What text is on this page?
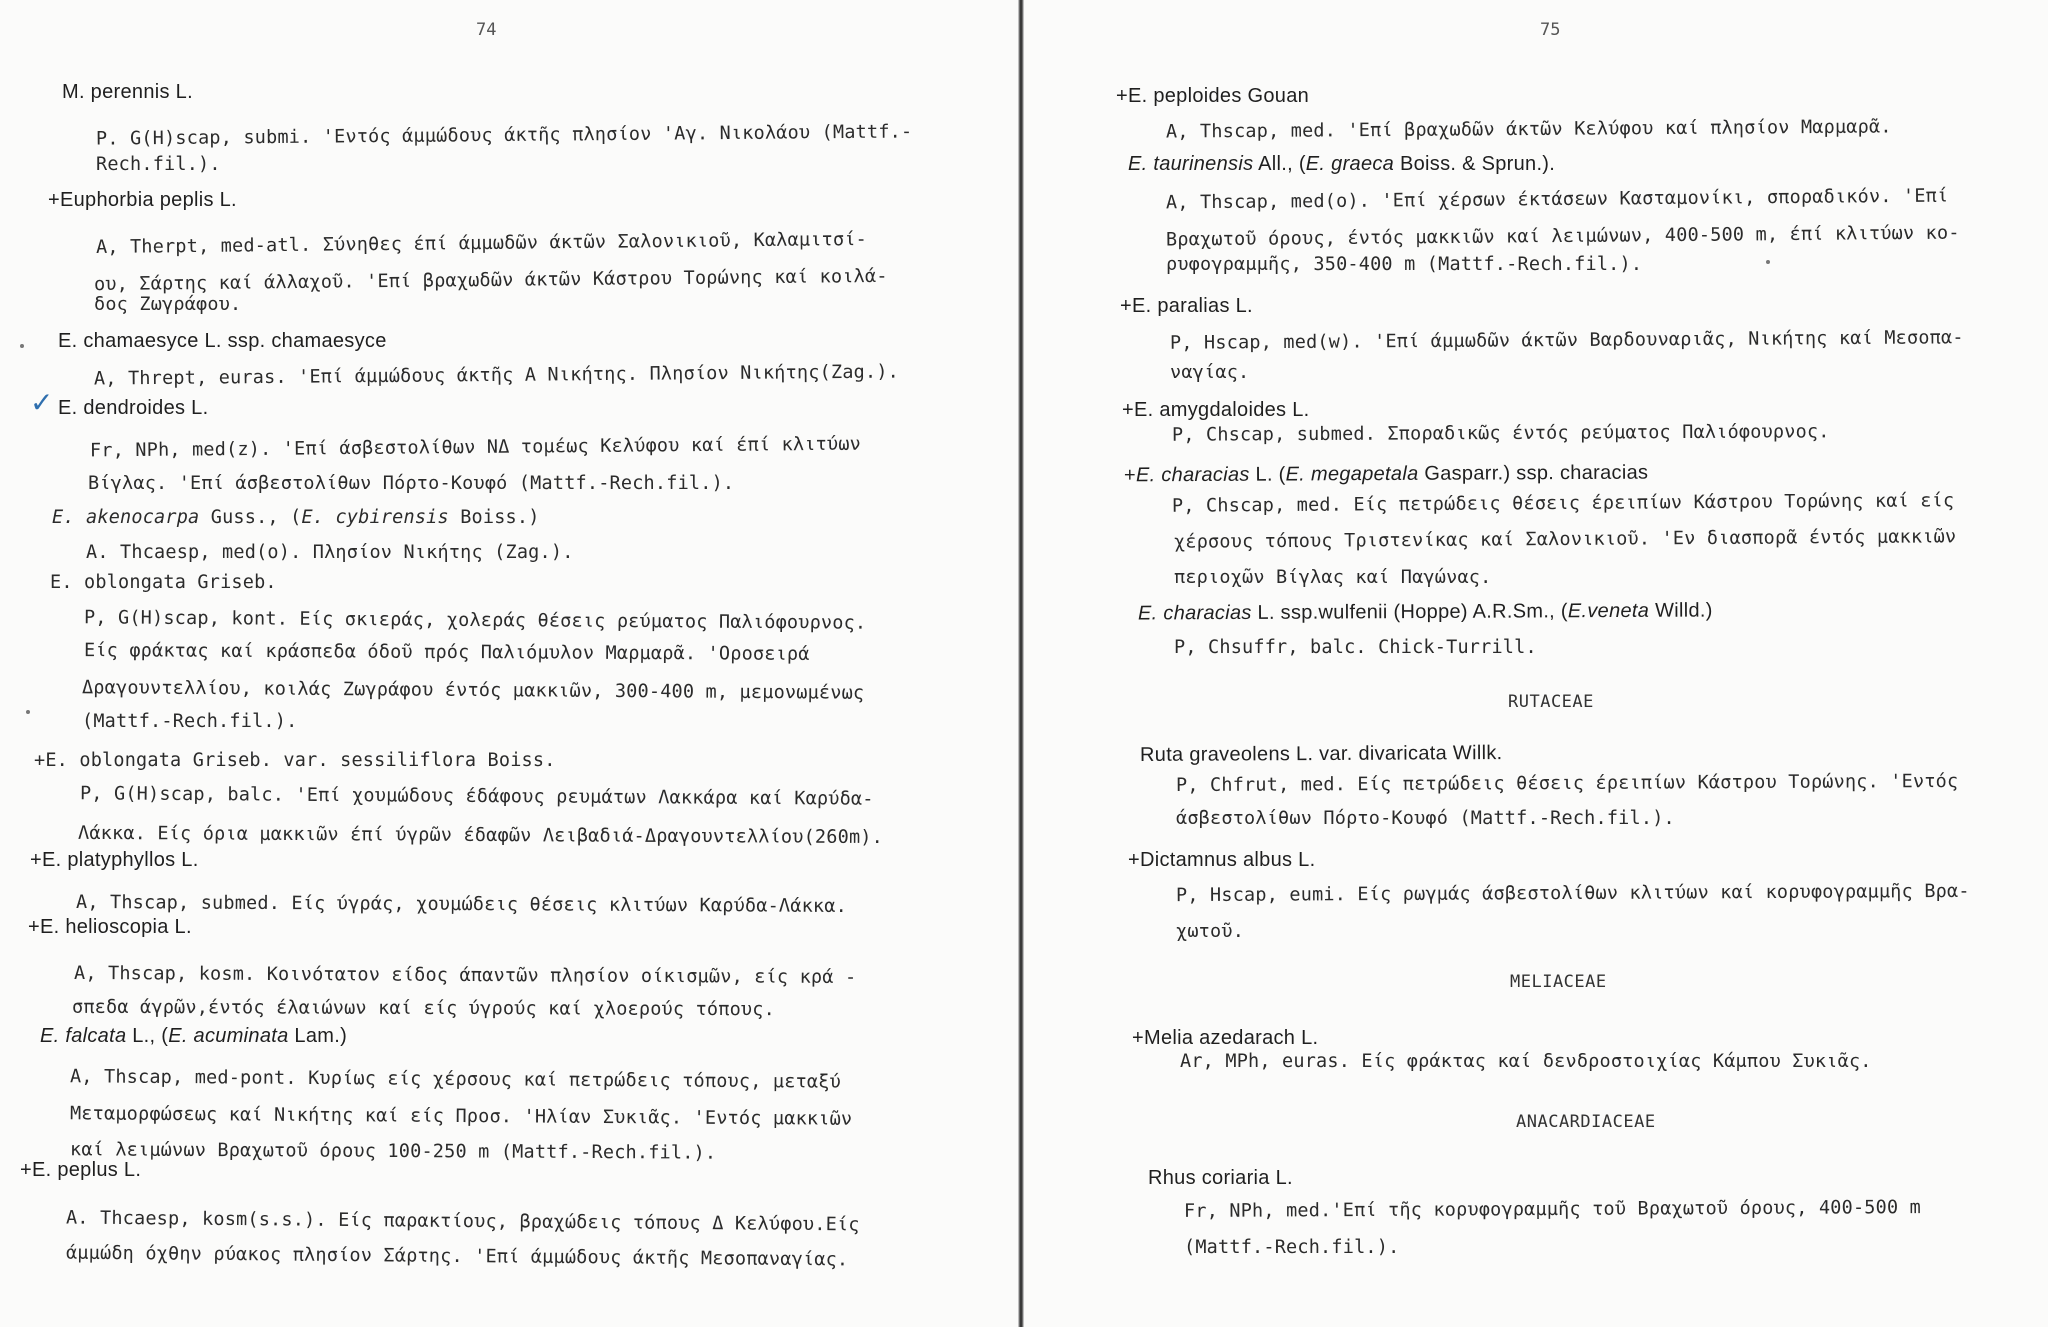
74
✓
M. perennis L.
P. G(H)scap, submi. 'Εντός άμμώδους άκτῆς πλησίον 'Αγ. Νικολάου (Mattf.-
Rech.fil.).
+Euphorbia peplis L.
A, Therpt, med-atl. Σύνηθες έπί άμμωδῶν άκτῶν Σαλονικιοῦ, Καλαμιτσί-
ου, Σάρτης καί άλλαχοῦ. 'Επί βραχωδῶν άκτῶν Κάστρου Τορώνης καί κοιλά-
δος Ζωγράφου.
E. chamaesyce L. ssp. chamaesyce
A, Thrept, euras. 'Επί άμμώδους άκτῆς Α Νικήτης. Πλησίον Νικήτης(Zag.).
E. dendroides L.
Fr, NPh, med(z). 'Επί άσβεστολίθων ΝΔ τομέως Κελύφου καί έπί κλιτύων
Βίγλας. 'Επί άσβεστολίθων Πόρτο-Κουφό (Mattf.-Rech.fil.).
E. akenocarpa Guss., (E. cybirensis Boiss.)
A. Thcaesp, med(o). Πλησίον Νικήτης (Zag.).
E. oblongata Griseb.
P, G(H)scap, kont. Είς σκιεράς, χολεράς θέσεις ρεύματος Παλιόφουρνος.
Είς φράκτας καί κράσπεδα όδοῦ πρός Παλιόμυλον Μαρμαρᾶ. 'Οροσειρά
Δραγουντελλίου, κοιλάς Ζωγράφου έντός μακκιῶν, 300-400 m, μεμονωμένως
(Mattf.-Rech.fil.).
+E. oblongata Griseb. var. sessiliflora Boiss.
P, G(H)scap, balc. 'Επί χουμώδους έδάφους ρευμάτων Λακκάρα καί Καρύδα-
Λάκκα. Είς όρια μακκιῶν έπί ύγρῶν έδαφῶν Λειβαδιά-Δραγουντελλίου(260m).
+E. platyphyllos L.
A, Thscap, submed. Είς ύγράς, χουμώδεις θέσεις κλιτύων Καρύδα-Λάκκα.
+E. helioscopia L.
A, Thscap, kosm. Κοινότατον είδος άπαντῶν πλησίον οίκισμῶν, είς κρά -
σπεδα άγρῶν,έντός έλαιώνων καί είς ύγρούς καί χλοερούς τόπους.
E. falcata L., (E. acuminata Lam.)
A, Thscap, med-pont. Κυρίως είς χέρσους καί πετρώδεις τόπους, μεταξύ
Μεταμορφώσεως καί Νικήτης καί είς Προσ. 'Ηλίαν Συκιᾶς. 'Εντός μακκιῶν
καί λειμώνων Βραχωτοῦ όρους 100-250 m (Mattf.-Rech.fil.).
+E. peplus L.
A. Thcaesp, kosm(s.s.). Είς παρακτίους, βραχώδεις τόπους Δ Κελύφου.Είς
άμμώδη όχθην ρύακος πλησίον Σάρτης. 'Επί άμμώδους άκτῆς Μεσοπαναγίας.
75
+E. peploides Gouan
A, Thscap, med. 'Επί βραχωδῶν άκτῶν Κελύφου καί πλησίον Μαρμαρᾶ.
E. taurinensis All., (E. graeca Boiss. & Sprun.).
A, Thscap, med(o). 'Επί χέρσων έκτάσεων Κασταμονίκι, σποραδικόν. 'Επί
Βραχωτοῦ όρους, έντός μακκιῶν καί λειμώνων, 400-500 m, έπί κλιτύων κο-
ρυφογραμμῆς, 350-400 m (Mattf.-Rech.fil.).
+E. paralias L.
P, Hscap, med(w). 'Επί άμμωδῶν άκτῶν Βαρδουναριᾶς, Νικήτης καί Μεσοπα-
ναγίας.
+E. amygdaloides L.
P, Chscap, submed. Σποραδικῶς έντός ρεύματος Παλιόφουρνος.
+E. characias L. (E. megapetala Gasparr.) ssp. characias
P, Chscap, med. Είς πετρώδεις θέσεις έρειπίων Κάστρου Τορώνης καί είς
χέρσους τόπους Τριστενίκας καί Σαλονικιοῦ. 'Εν διασπορᾶ έντός μακκιῶν
περιοχῶν Βίγλας καί Παγώνας.
E. characias L. ssp.wulfenii (Hoppe) A.R.Sm., (E.veneta Willd.)
P, Chsuffr, balc. Chick-Turrill.
RUTACEAE
Ruta graveolens L. var. divaricata Willk.
P, Chfrut, med. Είς πετρώδεις θέσεις έρειπίων Κάστρου Τορώνης. 'Εντός
άσβεστολίθων Πόρτο-Κουφό (Mattf.-Rech.fil.).
+Dictamnus albus L.
P, Hscap, eumi. Είς ρωγμάς άσβεστολίθων κλιτύων καί κορυφογραμμῆς Βρα-
χωτοῦ.
MELIACEAE
+Melia azedarach L.
Ar, MPh, euras. Είς φράκτας καί δενδροστοιχίας Κάμπου Συκιᾶς.
ANACARDIACEAE
Rhus coriaria L.
Fr, NPh, med.'Επί τῆς κορυφογραμμῆς τοῦ Βραχωτοῦ όρους, 400-500 m
(Mattf.-Rech.fil.).
